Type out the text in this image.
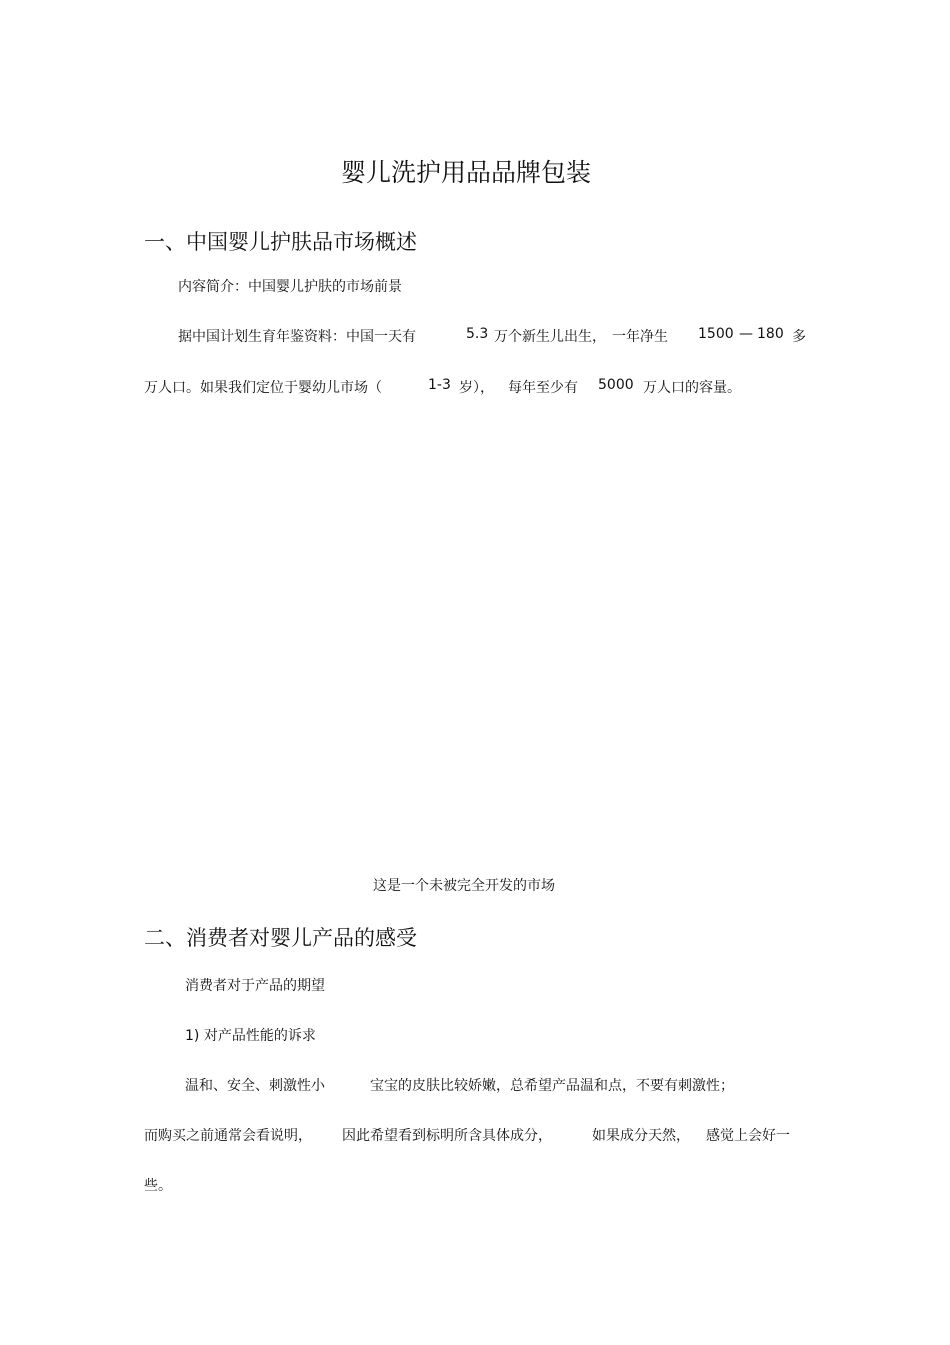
婴儿洗护用品品牌包装
一、中国婴儿护肤品市场概述
内容简介：中国婴儿护肤的市场前景
据中国计划生育年鉴资料：中国一天有	5.3 万个新生儿出生， 一年净生 1500 — 180 多
万人口。如果我们定位于婴幼儿市场（	1-3 岁）， 每年至少有 5000 万人口的容量。
这是一个未被完全开发的市场
二、消费者对婴儿产品的感受
消费者对于产品的期望
1) 对产品性能的诉求
温和、安全、刺激性小	宝宝的皮肤比较娇嫩，总希望产品温和点，不要有刺激性；
而购买之前通常会看说明， 因此希望看到标明所含具体成分，	如果成分天然， 感觉上会好一
些。
